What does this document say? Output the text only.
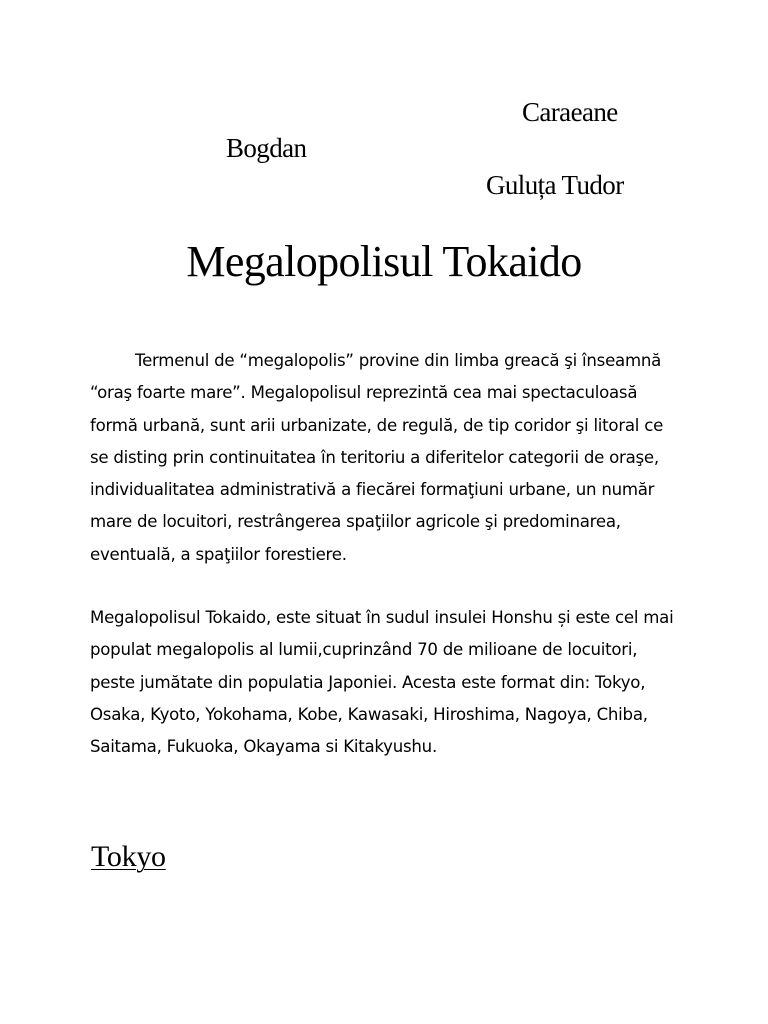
Caraeane
Bogdan
Guluța Tudor
Megalopolisul Tokaido

Termenul de “megalopolis” provine din limba greacă şi înseamnă “oraş foarte mare”. Megalopolisul reprezintă cea mai spectaculoasă formă urbană, sunt arii urbanizate, de regulă, de tip coridor şi litoral ce se disting prin continuitatea în teritoriu a diferitelor categorii de oraşe, individualitatea administrativă a fiecărei formaţiuni urbane, un număr mare de locuitori, restrângerea spaţiilor agricole şi predominarea, eventuală, a spaţiilor forestiere.

Megalopolisul Tokaido, este situat în sudul insulei Honshu și este cel mai populat megalopolis al lumii,cuprinzând 70 de milioane de locuitori, peste jumătate din populatia Japoniei. Acesta este format din: Tokyo, Osaka, Kyoto, Yokohama, Kobe, Kawasaki, Hiroshima, Nagoya, Chiba, Saitama, Fukuoka, Okayama si Kitakyushu.

Tokyo
